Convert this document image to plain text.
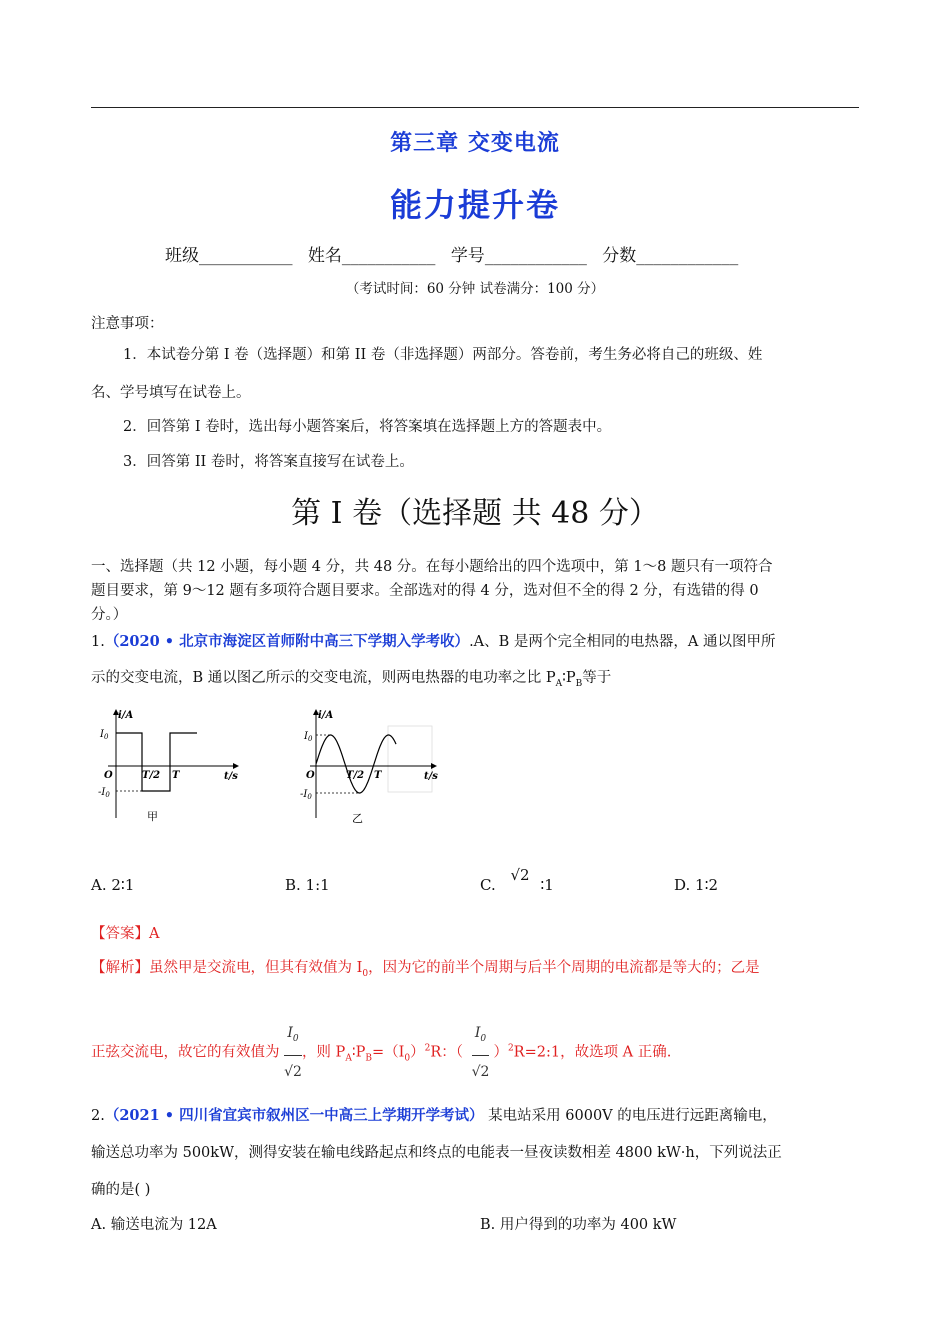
第三章 交变电流
能力提升卷
班级___________ 姓名___________ 学号____________ 分数____________
（考试时间：60 分钟 试卷满分：100 分）
注意事项：
1．本试卷分第 I 卷（选择题）和第 II 卷（非选择题）两部分。答卷前，考生务必将自己的班级、姓
名、学号填写在试卷上。
2．回答第 I 卷时，选出每小题答案后，将答案填在选择题上方的答题表中。
3．回答第 II 卷时，将答案直接写在试卷上。
第 I 卷（选择题 共 48 分）
一、选择题（共 12 小题，每小题 4 分，共 48 分。在每小题给出的四个选项中，第 1～8 题只有一项符合
题目要求，第 9～12 题有多项符合题目要求。全部选对的得 4 分，选对但不全的得 2 分，有选错的得 0
分。）
1.（2020 • 北京市海淀区首师附中高三下学期入学考收）.A、B 是两个完全相同的电热器，A 通以图甲所
示的交变电流，B 通以图乙所示的交变电流，则两电热器的电功率之比 $P_A∶P_B$等于
i/A
t/s
$I_0$
$-I_0$
O	T/2 T
甲
i/A
t/s
$I_0$
$-I_0$
O	T/2 T
乙
A. 2∶1	B. 1:1	C. √2 ∶1	D. 1∶2
【答案】A
【解析】虽然甲是交流电，但其有效值为 $I_0$，因为它的前半个周期与后半个周期的电流都是等大的；乙是
正弦交流电，故它的有效值为 $\frac{I_0}{√2}$ ，则 $P_A∶P_B=(I_0)^2R$：（ $\frac{I_0}{√2}$ ）$^2$R=2:1，故选项 A 正确.
2.（2021 • 四川省宜宾市叙州区一中高三上学期开学考试） 某电站采用 6000V 的电压进行远距离输电，
输送总功率为 500kW，测得安装在输电线路起点和终点的电能表一昼夜读数相差 4800 kW·h，下列说法正
确的是( )
A. 输送电流为 12A	B. 用户得到的功率为 400 kW
